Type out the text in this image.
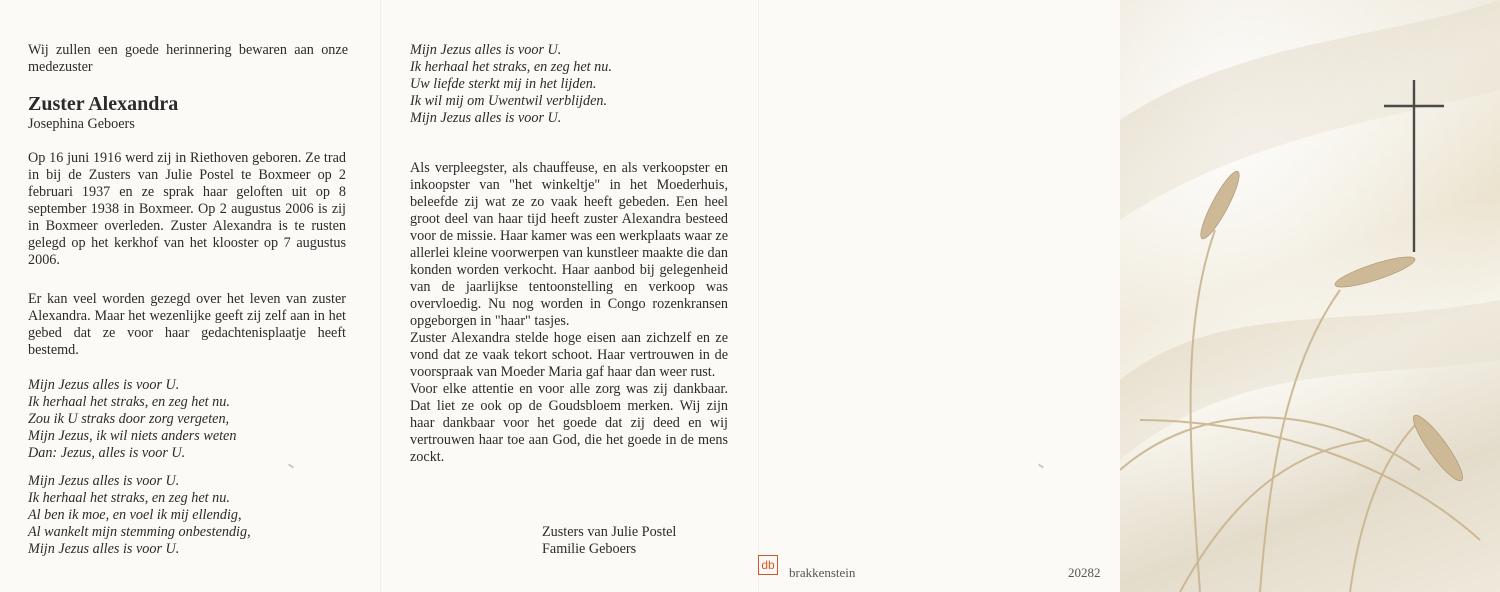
Wij zullen een goede herinnering bewaren aan onze medezuster
Zuster Alexandra
Josephina Geboers
Op 16 juni 1916 werd zij in Riethoven geboren. Ze trad in bij de Zusters van Julie Postel te Boxmeer op 2 februari 1937 en ze sprak haar geloften uit op 8 september 1938 in Boxmeer. Op 2 augustus 2006 is zij in Boxmeer overleden. Zuster Alexandra is te rusten gelegd op het kerkhof van het klooster op 7 augustus 2006.
Er kan veel worden gezegd over het leven van zuster Alexandra. Maar het wezenlijke geeft zij zelf aan in het gebed dat ze voor haar gedachtenisplaatje heeft bestemd.
Mijn Jezus alles is voor U.
Ik herhaal het straks, en zeg het nu.
Zou ik U straks door zorg vergeten,
Mijn Jezus, ik wil niets anders weten
Dan: Jezus, alles is voor U.
Mijn Jezus alles is voor U.
Ik herhaal het straks, en zeg het nu.
Al ben ik moe, en voel ik mij ellendig,
Al wankelt mijn stemming onbestendig,
Mijn Jezus alles is voor U.
Mijn Jezus alles is voor U.
Ik herhaal het straks, en zeg het nu.
Uw liefde sterkt mij in het lijden.
Ik wil mij om Uwentwil verblijden.
Mijn Jezus alles is voor U.
Als verpleegster, als chauffeuse, en als verkoopster en inkoopster van "het winkeltje" in het Moederhuis, beleefde zij wat ze zo vaak heeft gebeden. Een heel groot deel van haar tijd heeft zuster Alexandra besteed voor de missie. Haar kamer was een werkplaats waar ze allerlei kleine voorwerpen van kunstleer maakte die dan konden worden verkocht. Haar aanbod bij gelegenheid van de jaarlijkse tentoonstelling en verkoop was overvloedig. Nu nog worden in Congo rozenkransen opgeborgen in "haar" tasjes.
Zuster Alexandra stelde hoge eisen aan zichzelf en ze vond dat ze vaak tekort schoot. Haar vertrouwen in de voorspraak van Moeder Maria gaf haar dan weer rust.
Voor elke attentie en voor alle zorg was zij dankbaar. Dat liet ze ook op de Goudsbloem merken. Wij zijn haar dankbaar voor het goede dat zij deed en wij vertrouwen haar toe aan God, die het goede in de mens zockt.
Zusters van Julie Postel
Familie Geboers
db brakkenstein	20282
